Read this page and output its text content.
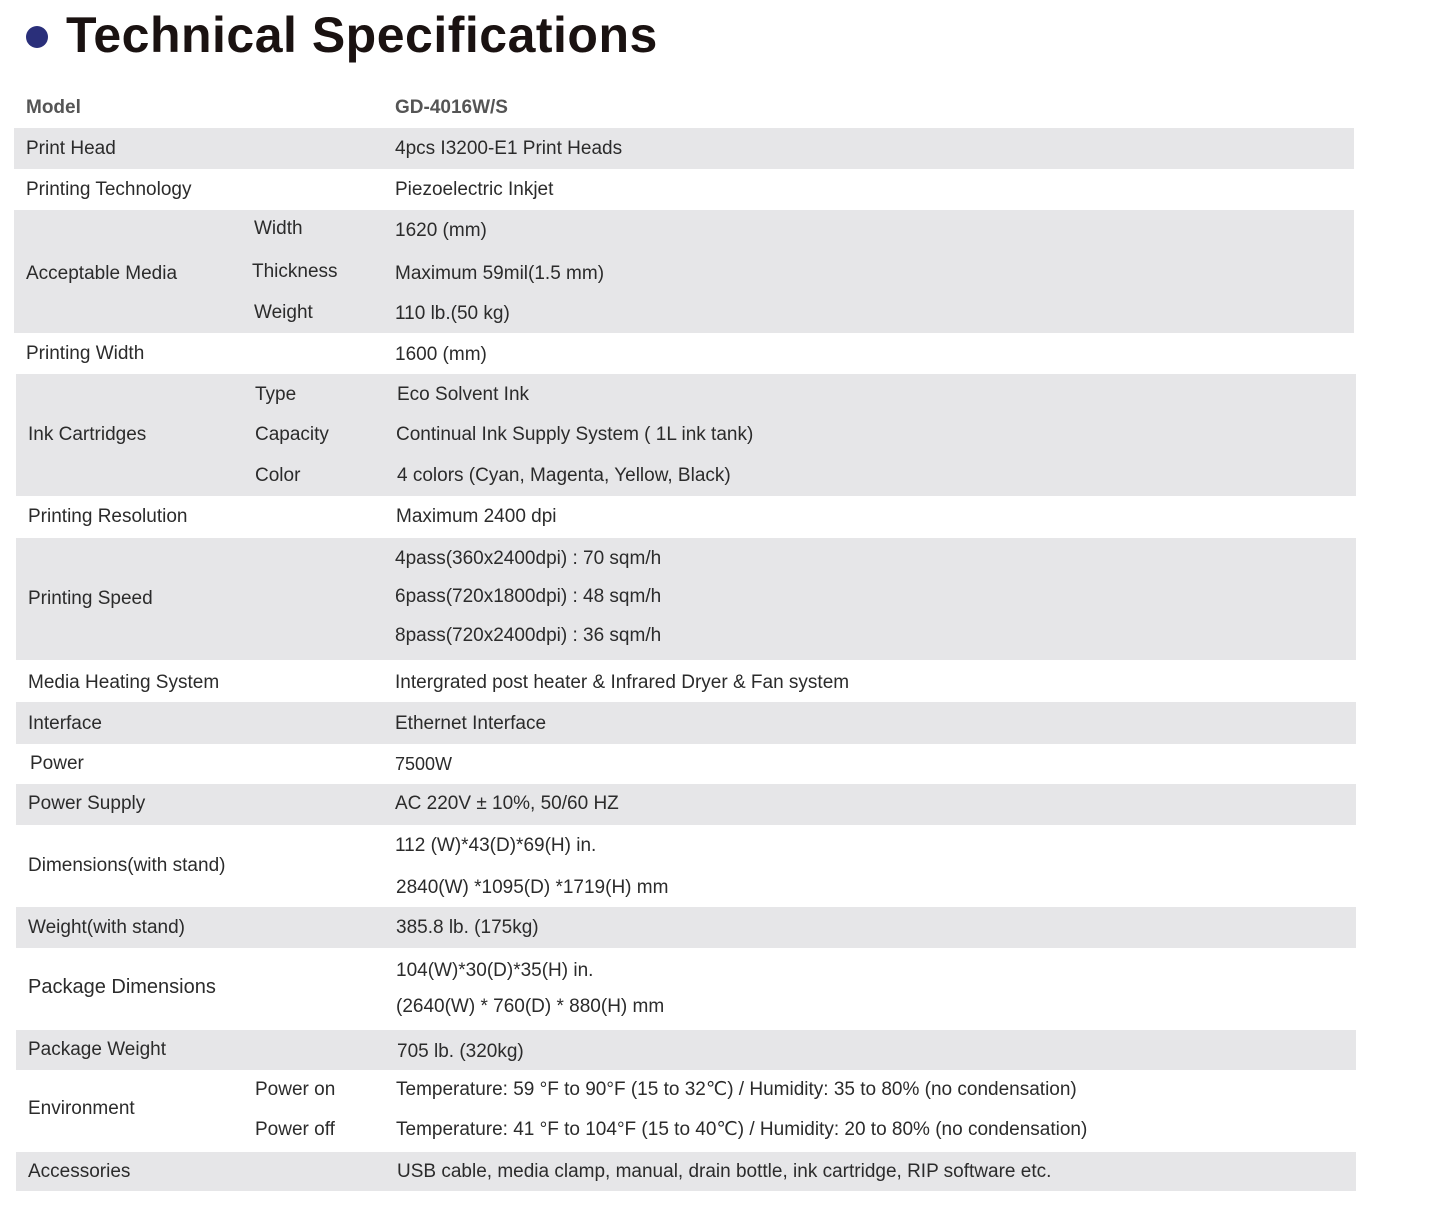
Technical Specifications
Model	GD-4016W/S
Print Head	4pcs I3200-E1 Print Heads
Printing Technology	Piezoelectric Inkjet
Acceptable Media
Width	1620 (mm)
Thickness	Maximum 59mil(1.5 mm)
Weight	110 lb.(50 kg)
Printing Width	1600 (mm)
Ink Cartridges
Type	Eco Solvent Ink
Capacity	Continual Ink Supply System ( 1L ink tank)
Color	4 colors (Cyan, Magenta, Yellow, Black)
Printing Resolution	Maximum 2400 dpi
Printing Speed
4pass(360x2400dpi) : 70 sqm/h
6pass(720x1800dpi) : 48 sqm/h
8pass(720x2400dpi) : 36 sqm/h
Media Heating System	Intergrated post heater & Infrared Dryer & Fan system
Interface	Ethernet Interface
Power	7500W
Power Supply	AC 220V ± 10%, 50/60 HZ
Dimensions(with stand)
112 (W)*43(D)*69(H) in.
2840(W) *1095(D) *1719(H) mm
Weight(with stand)	385.8 lb. (175kg)
Package Dimensions
104(W)*30(D)*35(H) in.
(2640(W) * 760(D) * 880(H) mm
Package Weight	705 lb. (320kg)
Environment
Power on	Temperature: 59 °F to 90°F (15 to 32℃) / Humidity: 35 to 80% (no condensation)
Power off	Temperature: 41 °F to 104°F (15 to 40℃) / Humidity: 20 to 80% (no condensation)
Accessories	USB cable, media clamp, manual, drain bottle, ink cartridge, RIP software etc.
